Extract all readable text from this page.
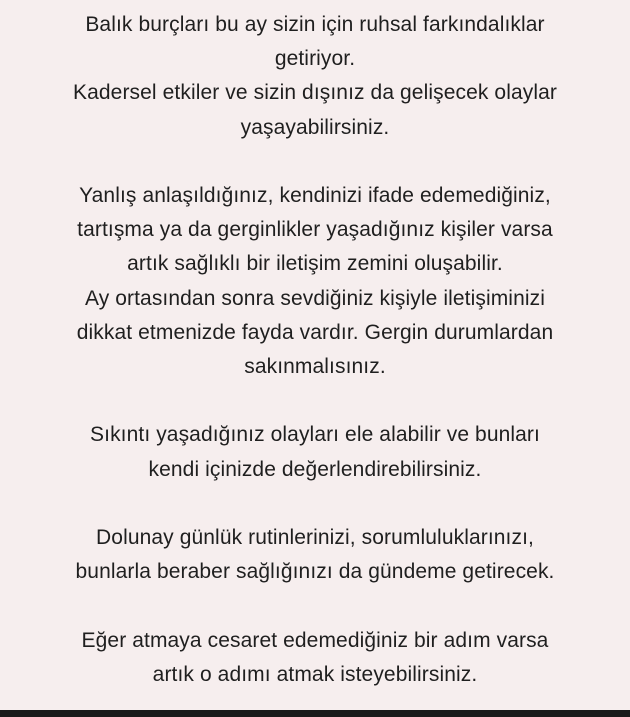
Balık burçları bu ay sizin için ruhsal farkındalıklar
getiriyor.
Kadersel etkiler ve sizin dışınız da gelişecek olaylar
yaşayabilirsiniz.

Yanlış anlaşıldığınız, kendinizi ifade edemediğiniz,
tartışma ya da gerginlikler yaşadığınız kişiler varsa
artık sağlıklı bir iletişim zemini oluşabilir.
Ay ortasından sonra sevdiğiniz kişiyle iletişiminizi
dikkat etmenizde fayda vardır. Gergin durumlardan
sakınmalısınız.

Sıkıntı yaşadığınız olayları ele alabilir ve bunları
kendi içinizde değerlendirebilirsiniz.

Dolunay günlük rutinlerinizi, sorumluluklarınızı,
bunlarla beraber sağlığınızı da gündeme getirecek.

Eğer atmaya cesaret edemediğiniz bir adım varsa
artık o adımı atmak isteyebilirsiniz.
